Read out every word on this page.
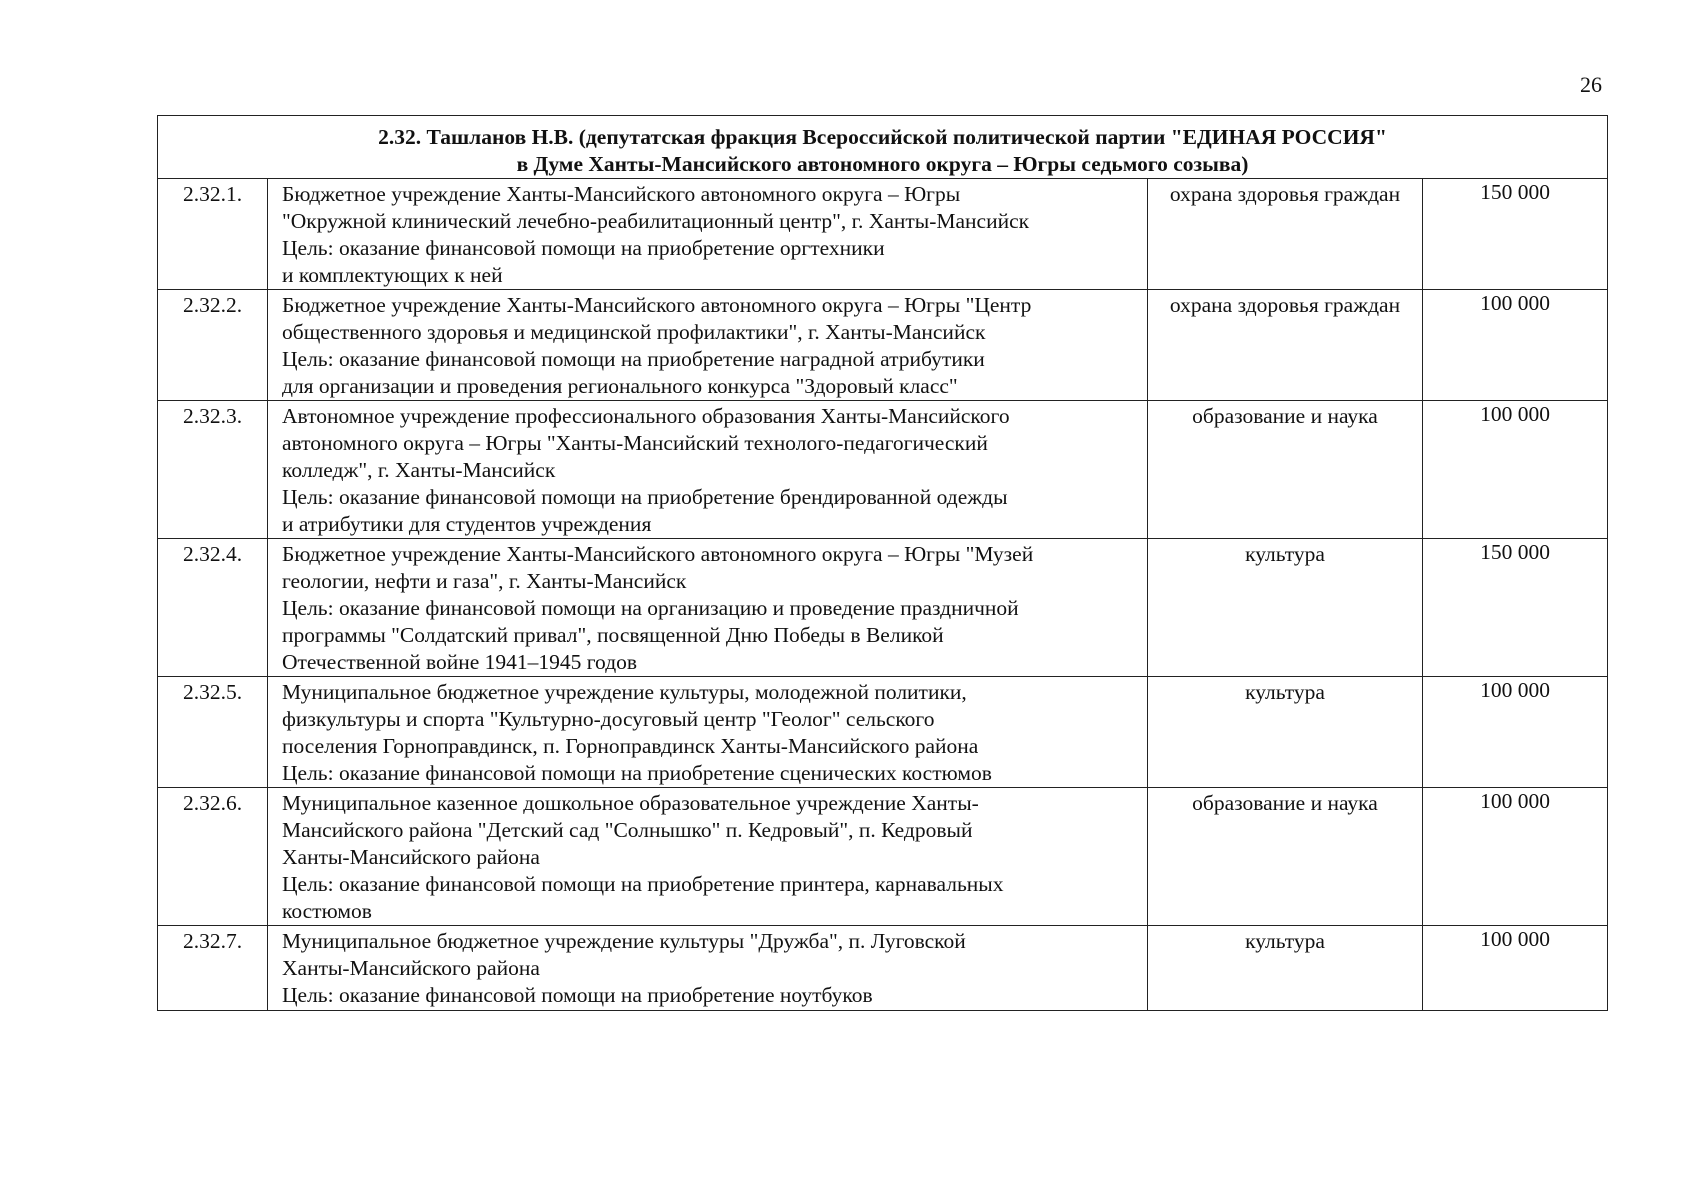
26
2.32. Ташланов Н.В. (депутатская фракция Всероссийской политической партии "ЕДИНАЯ РОССИЯ"
в Думе Ханты-Мансийского автономного округа – Югры седьмого созыва)			

2.32.1.	Бюджетное учреждение Ханты-Мансийского автономного округа – Югры
"Окружной клинический лечебно-реабилитационный центр", г. Ханты-Мансийск
Цель: оказание финансовой помощи на приобретение оргтехники
и комплектующих к ней	охрана здоровья граждан	150 000
2.32.2.	Бюджетное учреждение Ханты-Мансийского автономного округа – Югры "Центр
общественного здоровья и медицинской профилактики", г. Ханты-Мансийск
Цель: оказание финансовой помощи на приобретение наградной атрибутики
для организации и проведения регионального конкурса "Здоровый класс"	охрана здоровья граждан	100 000
2.32.3.	Автономное учреждение профессионального образования Ханты-Мансийского
автономного округа – Югры "Ханты-Мансийский технолого-педагогический
колледж", г. Ханты-Мансийск
Цель: оказание финансовой помощи на приобретение брендированной одежды
и атрибутики для студентов учреждения	образование и наука	100 000
2.32.4.	Бюджетное учреждение Ханты-Мансийского автономного округа – Югры "Музей
геологии, нефти и газа", г. Ханты-Мансийск
Цель: оказание финансовой помощи на организацию и проведение праздничной
программы "Солдатский привал", посвященной Дню Победы в Великой
Отечественной войне 1941–1945 годов	культура	150 000
2.32.5.	Муниципальное бюджетное учреждение культуры, молодежной политики,
физкультуры и спорта "Культурно-досуговый центр "Геолог" сельского
поселения Горноправдинск, п. Горноправдинск Ханты-Мансийского района
Цель: оказание финансовой помощи на приобретение сценических костюмов	культура	100 000
2.32.6.	Муниципальное казенное дошкольное образовательное учреждение Ханты-
Мансийского района "Детский сад "Солнышко" п. Кедровый", п. Кедровый
Ханты-Мансийского района
Цель: оказание финансовой помощи на приобретение принтера, карнавальных
костюмов	образование и наука	100 000
2.32.7.	Муниципальное бюджетное учреждение культуры "Дружба", п. Луговской
Ханты-Мансийского района
Цель: оказание финансовой помощи на приобретение ноутбуков	культура	100 000
